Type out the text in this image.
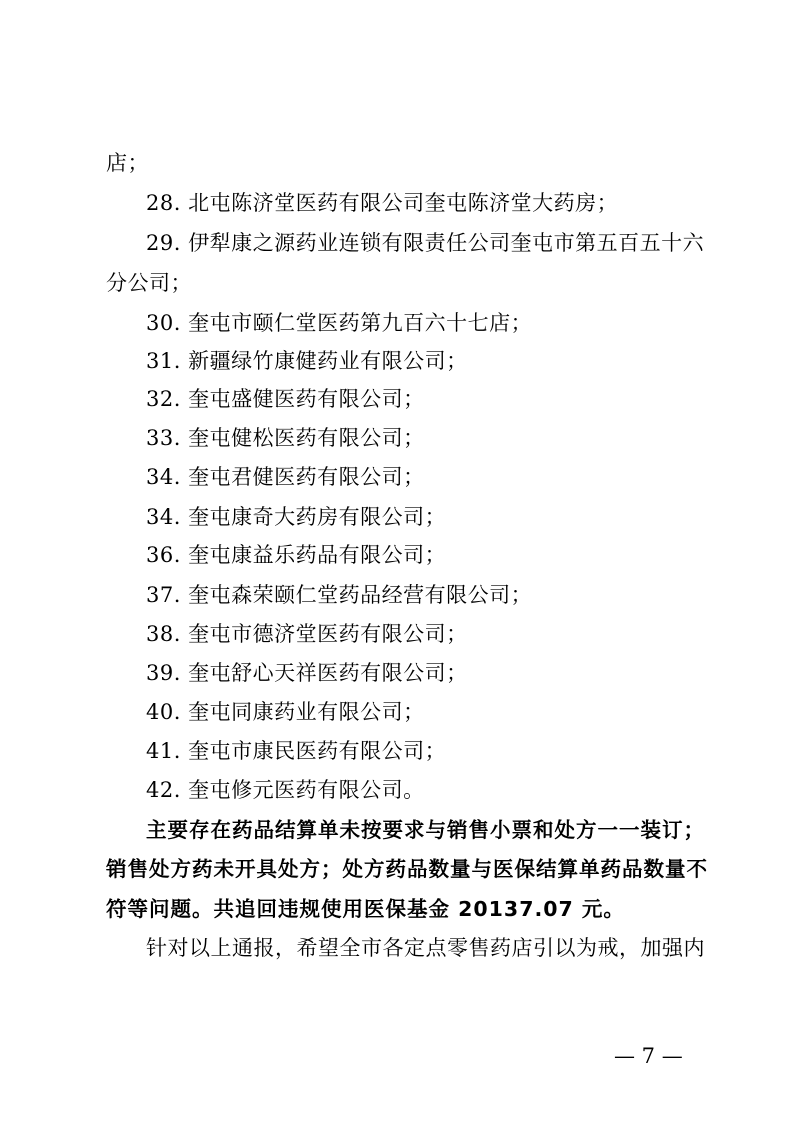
店；
28. 北屯陈济堂医药有限公司奎屯陈济堂大药房；
29. 伊犁康之源药业连锁有限责任公司奎屯市第五百五十六
分公司；
30. 奎屯市颐仁堂医药第九百六十七店；
31. 新疆绿竹康健药业有限公司；
32. 奎屯盛健医药有限公司；
33. 奎屯健松医药有限公司；
34. 奎屯君健医药有限公司；
34. 奎屯康奇大药房有限公司；
36. 奎屯康益乐药品有限公司；
37. 奎屯森荣颐仁堂药品经营有限公司；
38. 奎屯市德济堂医药有限公司；
39. 奎屯舒心天祥医药有限公司；
40. 奎屯同康药业有限公司；
41. 奎屯市康民医药有限公司；
42. 奎屯修元医药有限公司。
主要存在药品结算单未按要求与销售小票和处方一一装订；
销售处方药未开具处方；处方药品数量与医保结算单药品数量不
符等问题。共追回违规使用医保基金 20137.07 元。
针对以上通报，希望全市各定点零售药店引以为戒，加强内
— 7 —
